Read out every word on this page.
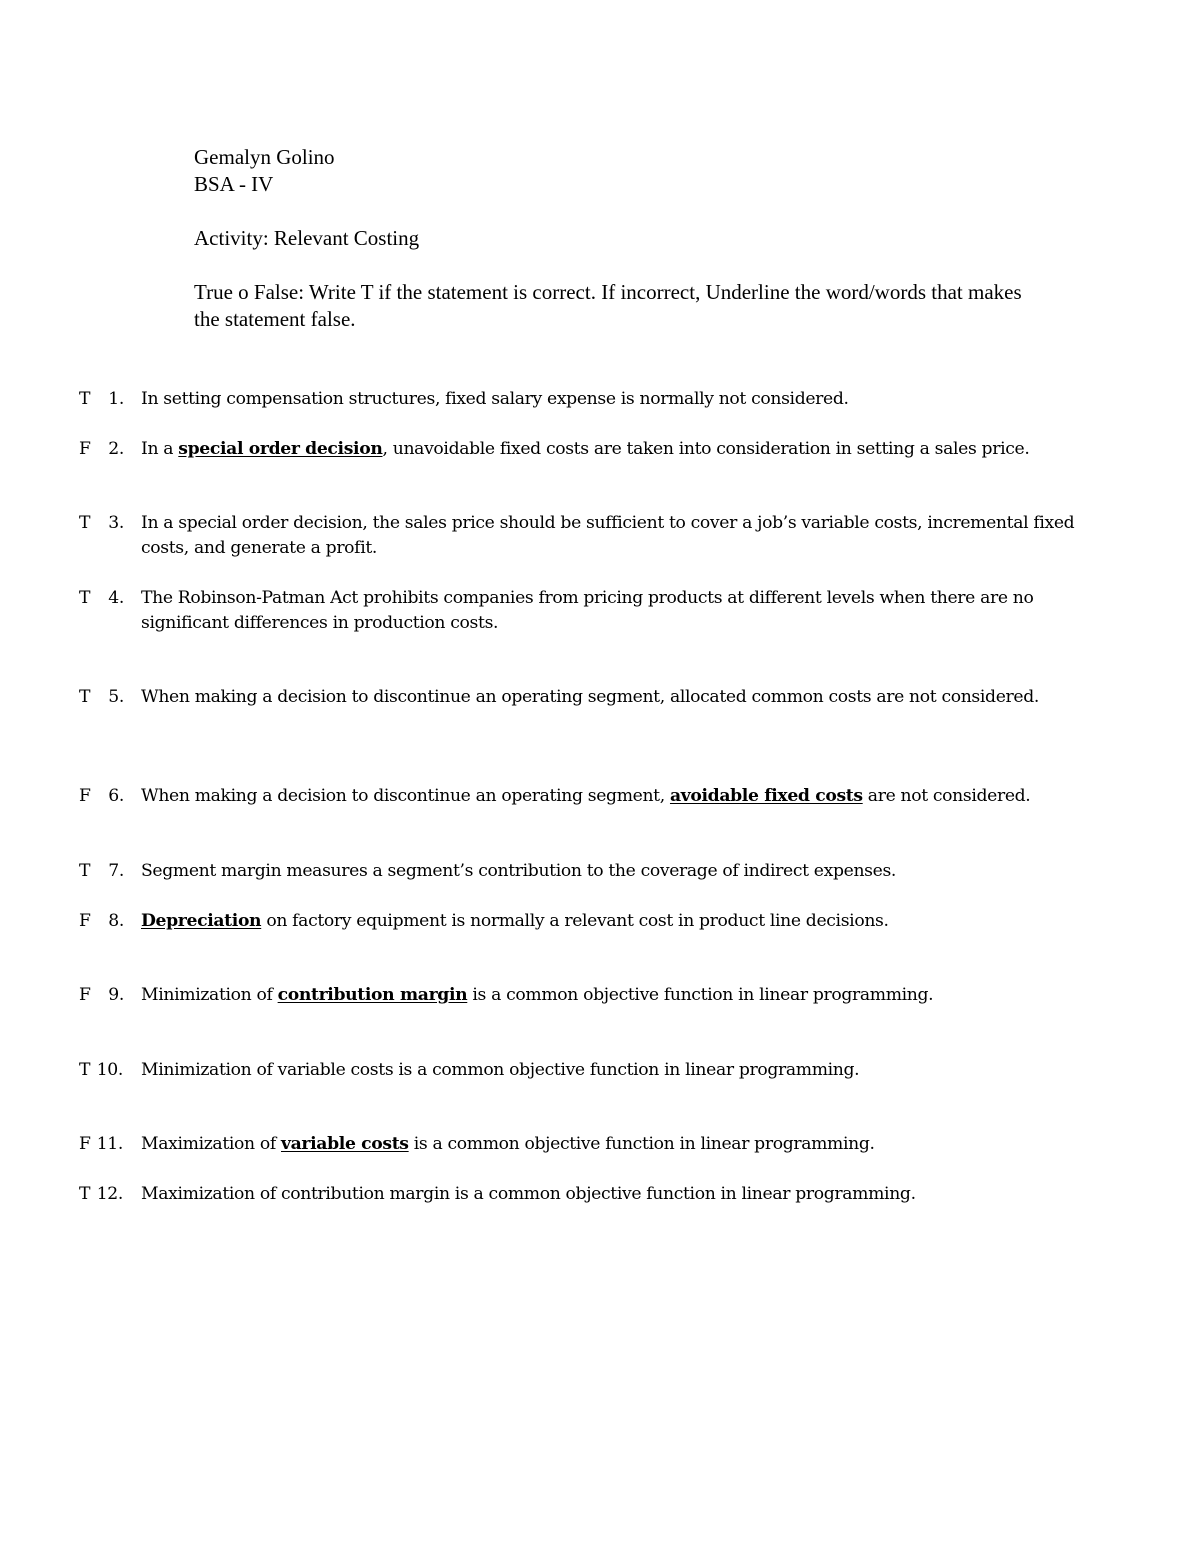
Gemalyn Golino
BSA - IV
Activity: Relevant Costing
True o False: Write T if the statement is correct. If incorrect, Underline the word/words that makes the statement false.
T	1. In setting compensation structures, fixed salary expense is normally not considered.
F	2. In a special order decision, unavoidable fixed costs are taken into consideration in setting a sales price.
T	3. In a special order decision, the sales price should be sufficient to cover a job’s variable costs, incremental fixed costs, and generate a profit.
T	4. The Robinson-Patman Act prohibits companies from pricing products at different levels when there are no significant differences in production costs.
T	5. When making a decision to discontinue an operating segment, allocated common costs are not considered.
F	6. When making a decision to discontinue an operating segment, avoidable fixed costs are not considered.
T	7. Segment margin measures a segment’s contribution to the coverage of indirect expenses.
F	8. Depreciation on factory equipment is normally a relevant cost in product line decisions.
F	9. Minimization of contribution margin is a common objective function in linear programming.
T 10. Minimization of variable costs is a common objective function in linear programming.
F 11. Maximization of variable costs is a common objective function in linear programming.
T 12. Maximization of contribution margin is a common objective function in linear programming.
